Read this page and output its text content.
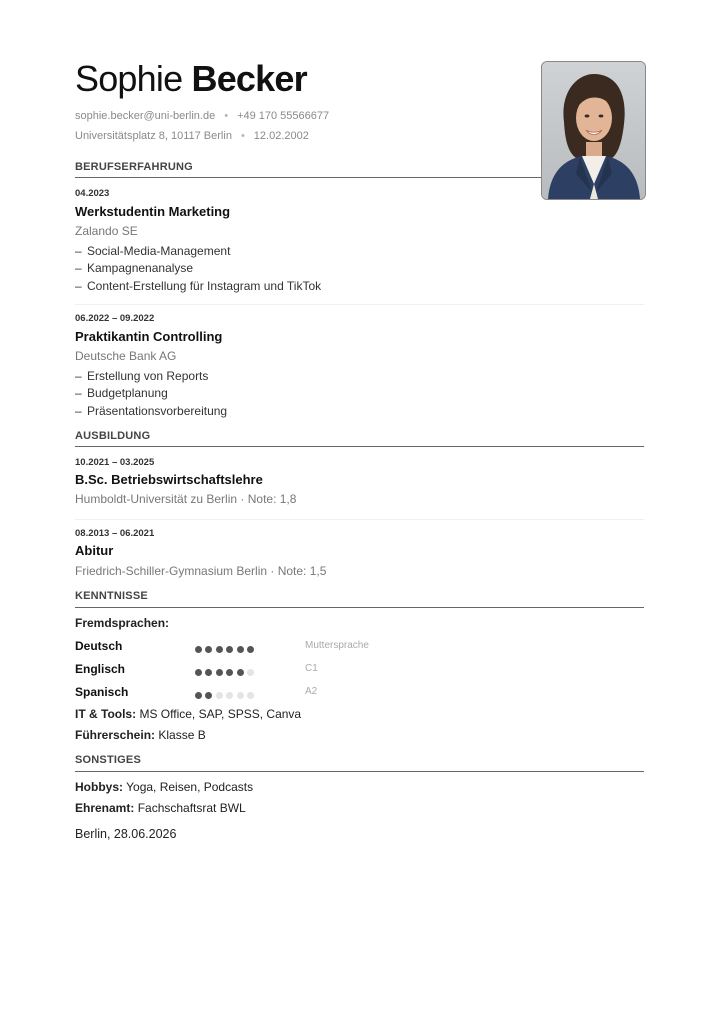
Sophie Becker
sophie.becker@uni-berlin.de • +49 170 55566677
Universitätsplatz 8, 10117 Berlin • 12.02.2002
BERUFSERFAHRUNG
04.2023
Werkstudentin Marketing
Zalando SE
– Social-Media-Management
– Kampagnenanalyse
– Content-Erstellung für Instagram und TikTok
06.2022 – 09.2022
Praktikantin Controlling
Deutsche Bank AG
– Erstellung von Reports
– Budgetplanung
– Präsentationsvorbereitung
AUSBILDUNG
10.2021 – 03.2025
B.Sc. Betriebswirtschaftslehre
Humboldt-Universität zu Berlin · Note: 1,8
08.2013 – 06.2021
Abitur
Friedrich-Schiller-Gymnasium Berlin · Note: 1,5
KENNTNISSE
Fremdsprachen:
Deutsch	Muttersprache
Englisch	C1
Spanisch	A2
IT & Tools: MS Office, SAP, SPSS, Canva
Führerschein: Klasse B
SONSTIGES
Hobbys: Yoga, Reisen, Podcasts
Ehrenamt: Fachschaftsrat BWL
Berlin, 28.06.2026
